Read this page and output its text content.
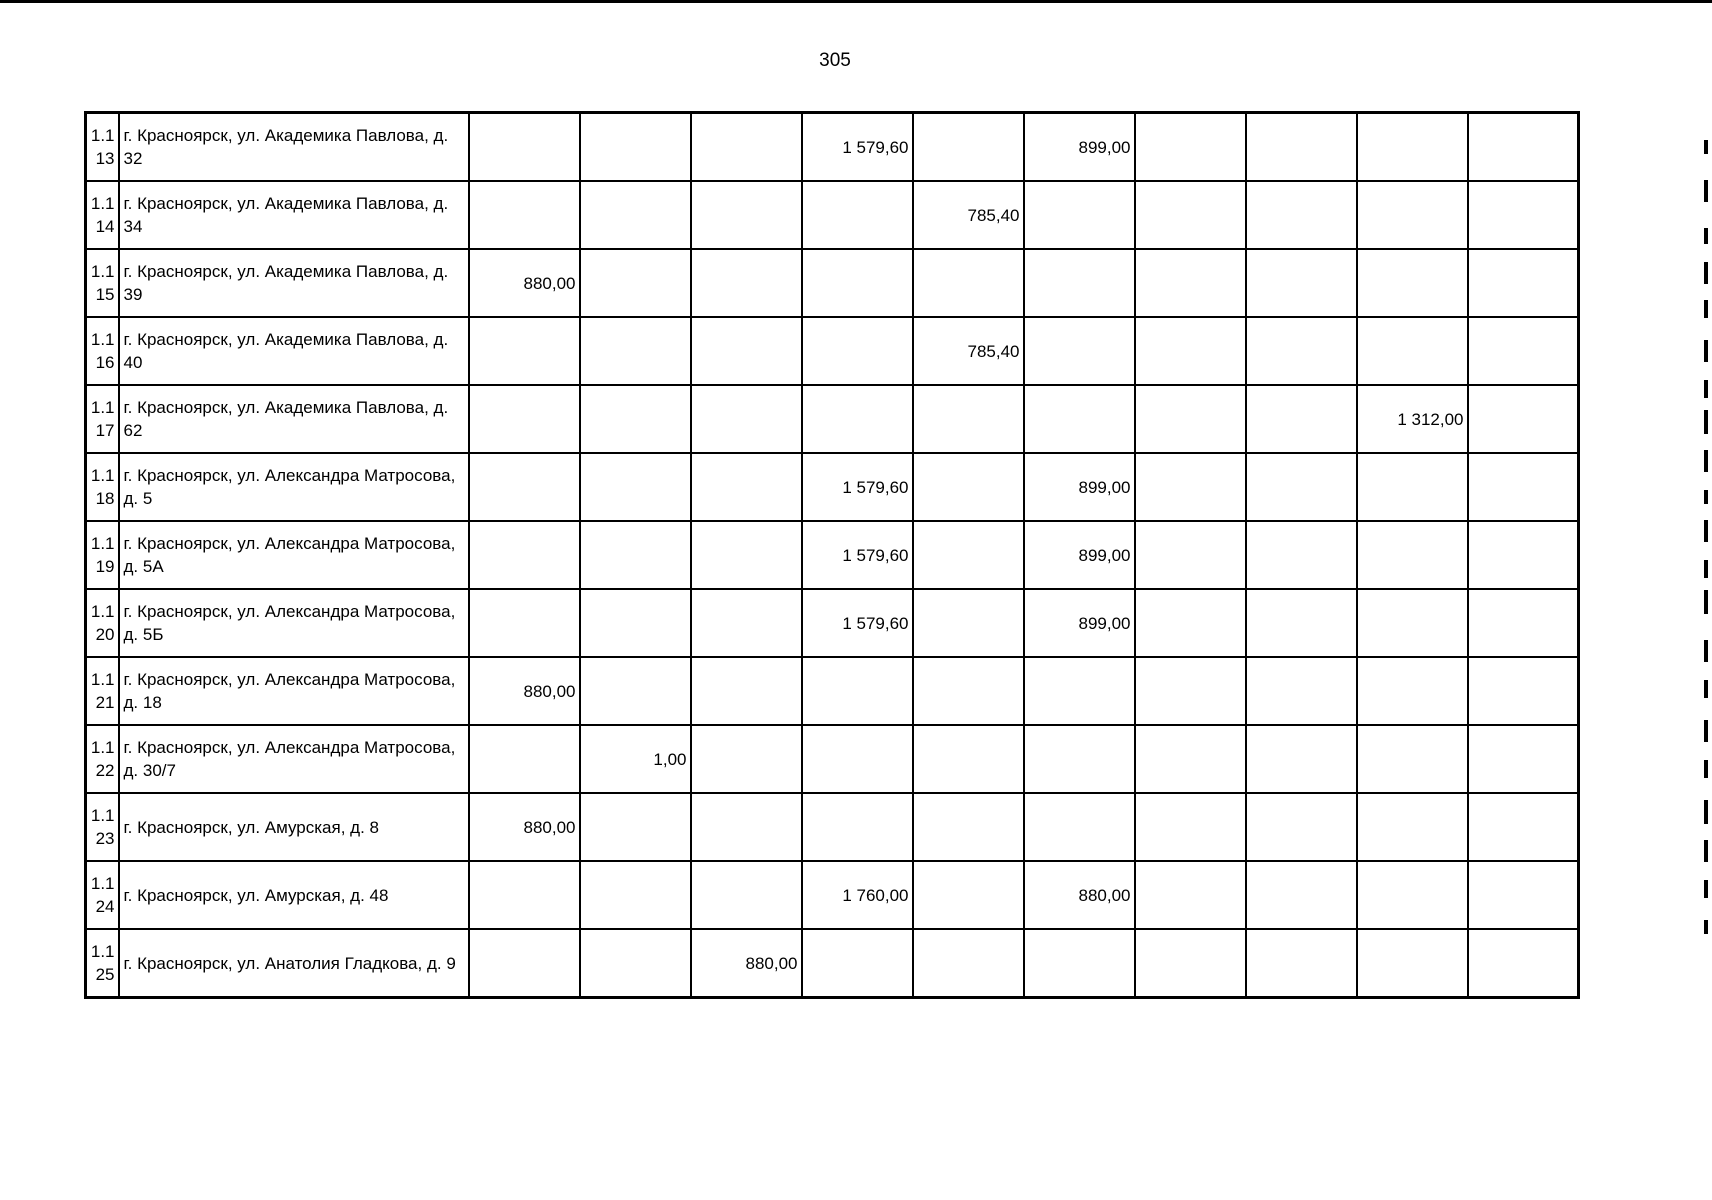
305
1.1 13	г. Красноярск, ул. Академика Павлова, д. 32				1 579,60		899,00				
1.1 14	г. Красноярск, ул. Академика Павлова, д. 34					785,40					
1.1 15	г. Красноярск, ул. Академика Павлова, д. 39	880,00									
1.1 16	г. Красноярск, ул. Академика Павлова, д. 40					785,40					
1.1 17	г. Красноярск, ул. Академика Павлова, д. 62									1 312,00	
1.1 18	г. Красноярск, ул. Александра Матросова, д. 5				1 579,60		899,00				
1.1 19	г. Красноярск, ул. Александра Матросова, д. 5А				1 579,60		899,00				
1.1 20	г. Красноярск, ул. Александра Матросова, д. 5Б				1 579,60		899,00				
1.1 21	г. Красноярск, ул. Александра Матросова, д. 18	880,00									
1.1 22	г. Красноярск, ул. Александра Матросова, д. 30/7		1,00								
1.1 23	г. Красноярск, ул. Амурская, д. 8	880,00									
1.1 24	г. Красноярск, ул. Амурская, д. 48				1 760,00		880,00				
1.1 25	г. Красноярск, ул. Анатолия Гладкова, д. 9			880,00							
